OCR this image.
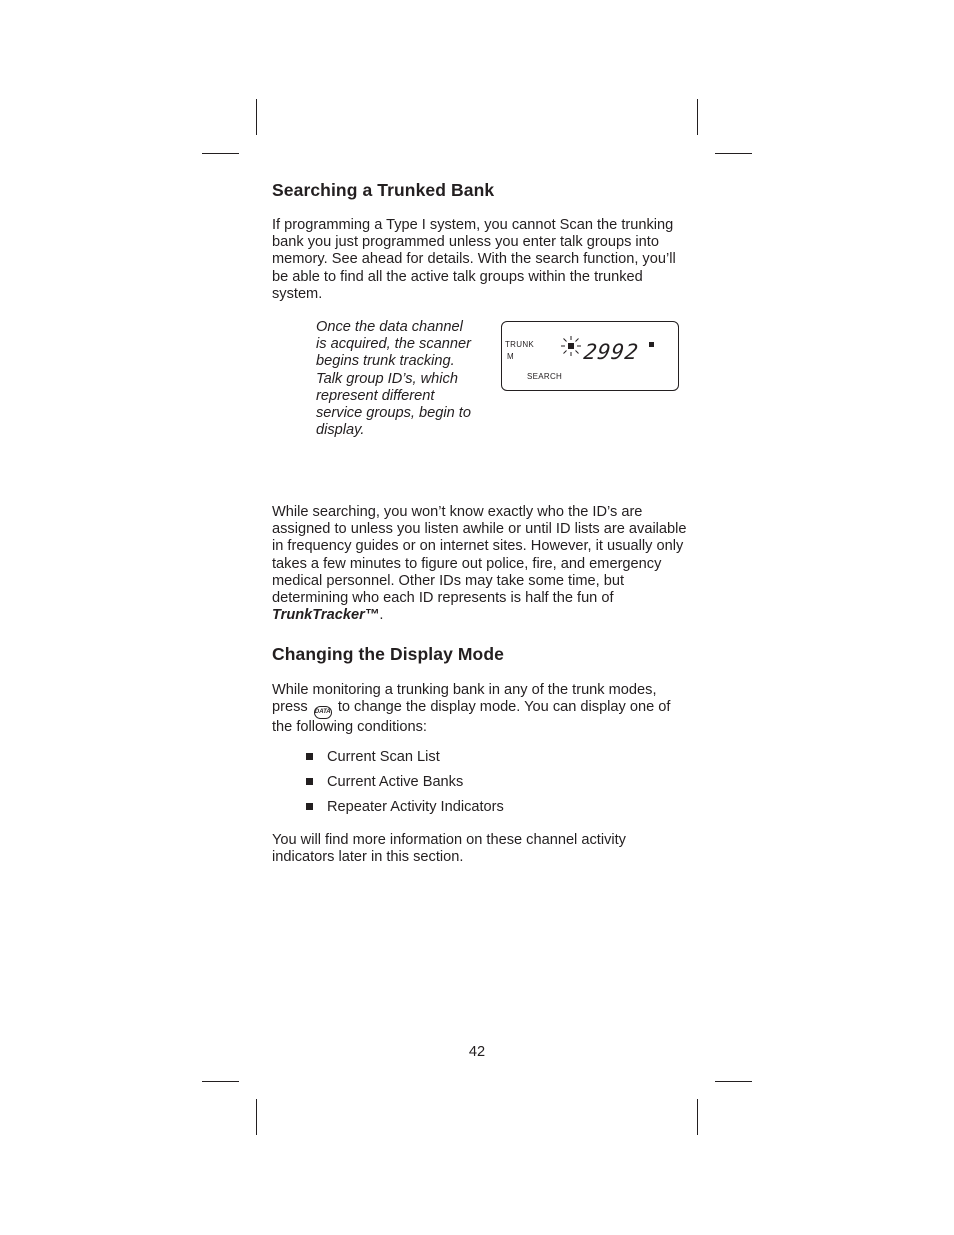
Searching a Trunked Bank

If programming a Type I system, you cannot Scan the trunking bank you just programmed unless you enter talk groups into memory. See ahead for details. With the search function, you’ll be able to find all the active talk groups within the trunked system.

Once the data channel is acquired, the scanner begins trunk tracking. Talk group ID’s, which represent different service groups, begin to display.

TRUNK
M	2992
SEARCH

While searching, you won’t know exactly who the ID’s are assigned to unless you listen awhile or until ID lists are available in frequency guides or on internet sites. However, it usually only takes a few minutes to figure out police, fire, and emergency medical personnel. Other IDs may take some time, but determining who each ID represents is half the fun of TrunkTracker™.

Changing the Display Mode

While monitoring a trunking bank in any of the trunk modes, press DATA to change the display mode. You can display one of the following conditions:

Current Scan List
Current Active Banks
Repeater Activity Indicators

You will find more information on these channel activity indicators later in this section.

42
